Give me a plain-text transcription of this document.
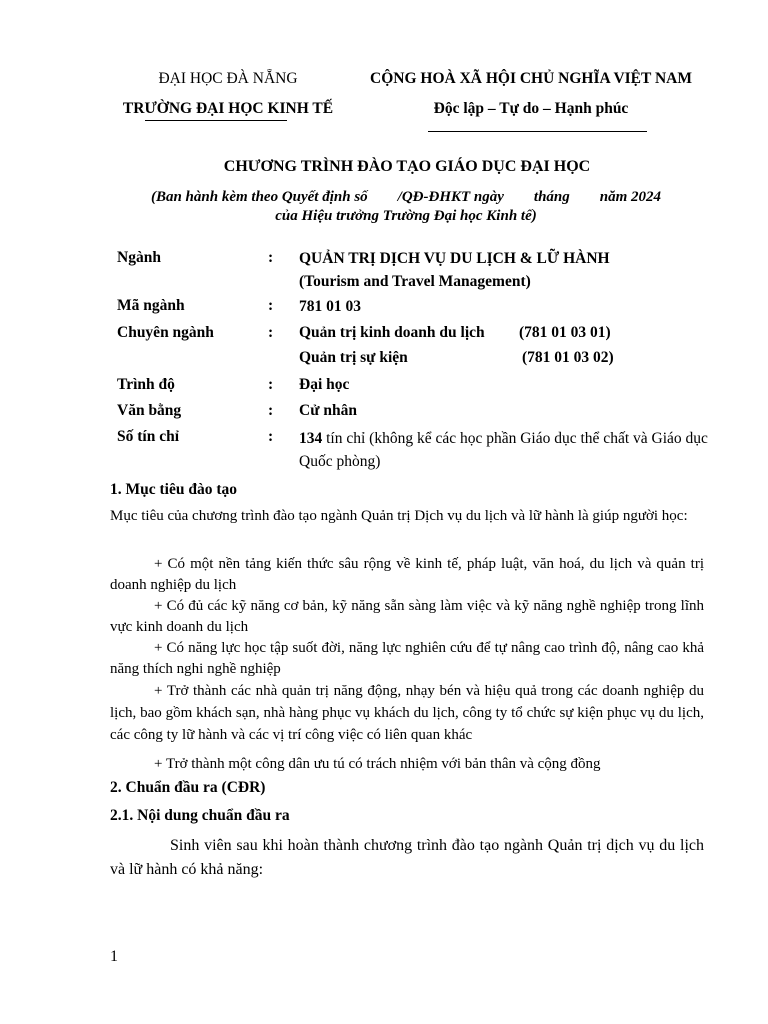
ĐẠI HỌC ĐÀ NẴNG
TRƯỜNG ĐẠI HỌC KINH TẾ
CỘNG HOÀ XÃ HỘI CHỦ NGHĨA VIỆT NAM
Độc lập – Tự do – Hạnh phúc
CHƯƠNG TRÌNH ĐÀO TẠO GIÁO DỤC ĐẠI HỌC
(Ban hành kèm theo Quyết định số        /QĐ-ĐHKT ngày        tháng        năm 2024
của Hiệu trưởng Trường Đại học Kinh tế)
Ngành	: QUẢN TRỊ DỊCH VỤ DU LỊCH & LỮ HÀNH
(Tourism and Travel Management)
Mã ngành	: 781 01 03
Chuyên ngành	: Quản trị kinh doanh du lịch (781 01 03 01)
Quản trị sự kiện	(781 01 03 02)
Trình độ	: Đại học
Văn bằng	: Cử nhân
Số tín chỉ	: 134 tín chỉ (không kể các học phần Giáo dục thể chất và Giáo dục Quốc phòng)
1. Mục tiêu đào tạo
Mục tiêu của chương trình đào tạo ngành Quản trị Dịch vụ du lịch và lữ hành là giúp người học:
+ Có một nền tảng kiến thức sâu rộng về kinh tế, pháp luật, văn hoá, du lịch và quản trị doanh nghiệp du lịch
+ Có đủ các kỹ năng cơ bản, kỹ năng sẵn sàng làm việc và kỹ năng nghề nghiệp trong lĩnh vực kinh doanh du lịch
+ Có năng lực học tập suốt đời, năng lực nghiên cứu để tự nâng cao trình độ, nâng cao khả năng thích nghi nghề nghiệp
+ Trở thành các nhà quản trị năng động, nhạy bén và hiệu quả trong các doanh nghiệp du lịch, bao gồm khách sạn, nhà hàng phục vụ khách du lịch, công ty tổ chức sự kiện phục vụ du lịch, các công ty lữ hành và các vị trí công việc có liên quan khác
+ Trở thành một công dân ưu tú có trách nhiệm với bản thân và cộng đồng
2. Chuẩn đầu ra (CĐR)
2.1. Nội dung chuẩn đầu ra
Sinh viên sau khi hoàn thành chương trình đào tạo ngành Quản trị dịch vụ du lịch và lữ hành có khả năng:
1
